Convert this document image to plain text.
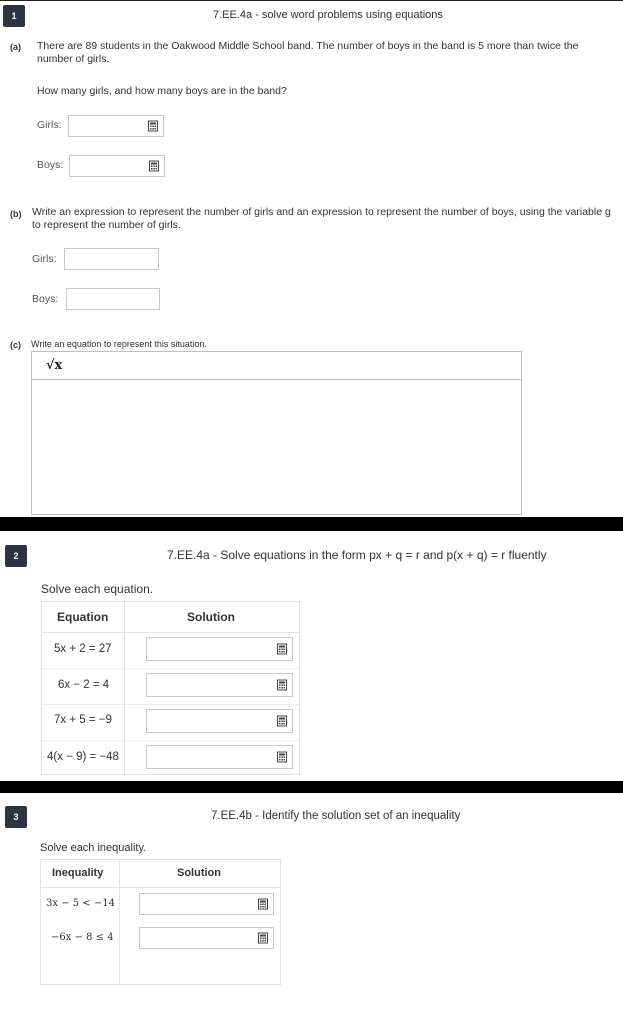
1	7.EE.4a - solve word problems using equations
(a) There are 89 students in the Oakwood Middle School band. The number of boys in the band is 5 more than twice the number of girls.
How many girls, and how many boys are in the band?
Girls:
Boys:
(b) Write an expression to represent the number of girls and an expression to represent the number of boys, using the variable g to represent the number of girls.
Girls:
Boys:
(c) Write an equation to represent this situation.
√x
2	7.EE.4a - Solve equations in the form px + q = r and p(x + q) = r fluently
Solve each equation.
Equation	Solution
5x + 2 = 27
6x − 2 = 4
7x + 5 = −9
4(x − 9) = −48
3	7.EE.4b - Identify the solution set of an inequality
Solve each inequality.
Inequality	Solution
3x − 5 < −14
−6x − 8 ≤ 4
